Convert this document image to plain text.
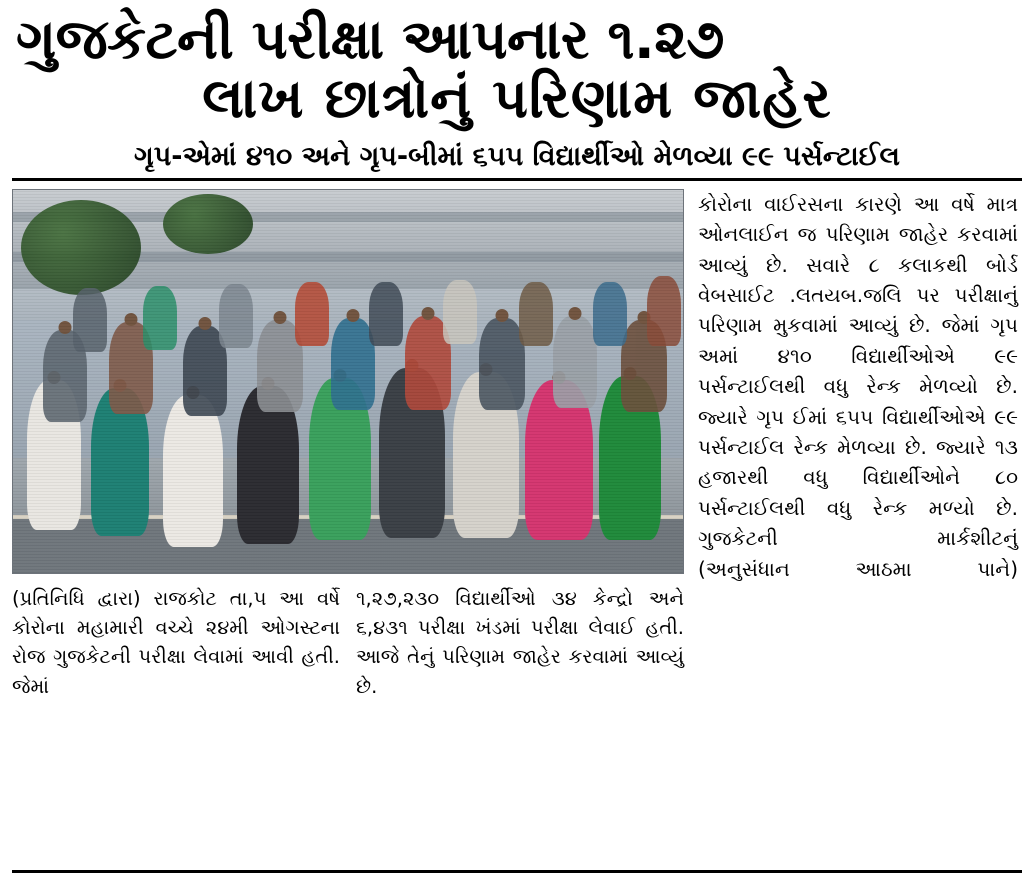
ગુજકેટની પરીક્ષા આપનાર ૧.૨૭
લાખ છાત્રોનું પરિણામ જાહેર
ગૃપ-એમાં ૪૧૦ અને ગૃપ-બીમાં ૬૫૫ વિદ્યાર્થીઓ મેળવ્યા ૯૯ પર્સન્ટાઈલ
(પ્રતિનિધિ દ્વારા) રાજકોટ તા,૫ આ વર્ષે કોરોના મહામારી વચ્ચે ૨૪મી ઓગસ્ટના રોજ ગુજકેટની પરીક્ષા લેવામાં આવી હતી. જેમાં
૧,૨૭,૨૩૦ વિદ્યાર્થીઓ ૩૪ કેન્દ્રો અને ૬,૪૩૧ પરીક્ષા ખંડમાં પરીક્ષા લેવાઈ હતી. આજે તેનું પરિણામ જાહેર કરવામાં આવ્યું છે.
કોરોના વાઈરસના કારણે આ વર્ષે માત્ર ઓનલાઈન જ પરિણામ જાહેર કરવામાં આવ્યું છે. સવારે ૮ કલાકથી બોર્ડ વેબસાઈટ .લતયબ.જલિ પર પરીક્ષાનું પરિણામ મુકવામાં આવ્યું છે. જેમાં ગૃપ અમાં ૪૧૦ વિદ્યાર્થીઓએ ૯૯ પર્સન્ટાઈલથી વધુ રેન્ક મેળવ્યો છે. જ્યારે ગૃપ ઈમાં ૬૫૫ વિદ્યાર્થીઓએ ૯૯ પર્સન્ટાઈલ રેન્ક મેળવ્યા છે. જ્યારે ૧૩ હજારથી વધુ વિદ્યાર્થીઓને ૮૦ પર્સન્ટાઈલથી વધુ રેન્ક મળ્યો છે. ગુજકેટની માર્કશીટનું
(અનુસંધાન આઠમા પાને)
